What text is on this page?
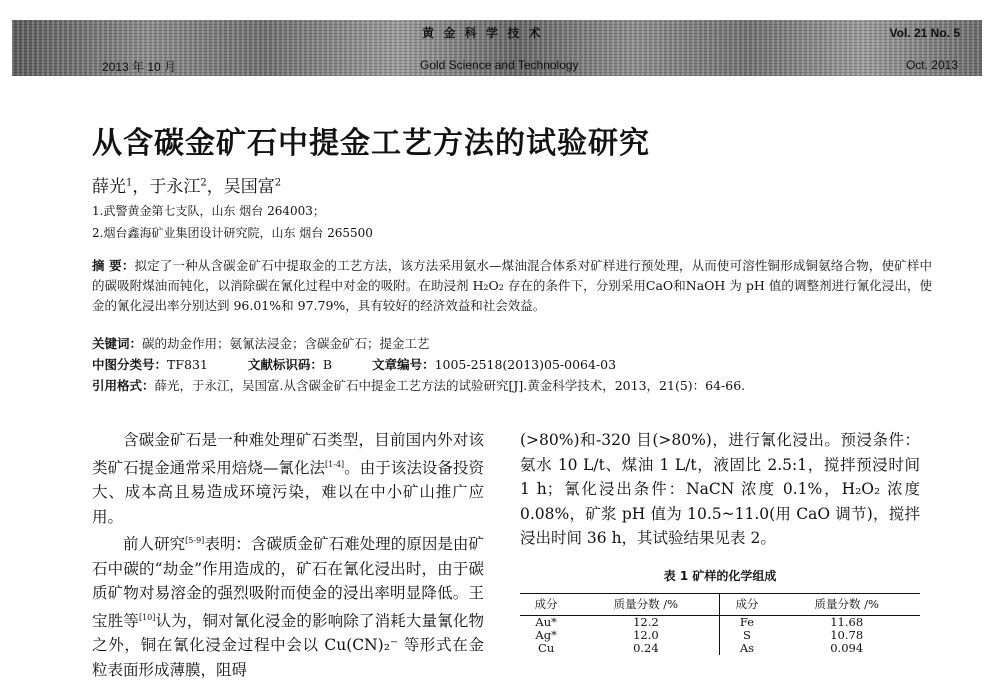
黄 金 科 学 技 术	Vol. 21 No. 5
2013 年 10 月	Gold Science and Technology	Oct. 2013
从含碳金矿石中提金工艺方法的试验研究
薛光$^1$，于永江$^2$，吴国富$^2$
1.武警黄金第七支队，山东 烟台 264003；
2.烟台鑫海矿业集团设计研究院，山东 烟台 265500
摘 要：拟定了一种从含碳金矿石中提取金的工艺方法，该方法采用氨水—煤油混合体系对矿样进行预处理，从而使可溶性铜形成铜氨络合物，使矿样中的碳吸附煤油而钝化，以消除碳在氰化过程中对金的吸附。在助浸剂 H₂O₂ 存在的条件下，分别采用CaO和NaOH 为 pH 值的调整剂进行氰化浸出，使金的氰化浸出率分别达到 96.01%和 97.79%，具有较好的经济效益和社会效益。
关键词：碳的劫金作用；氨氰法浸金；含碳金矿石；提金工艺
中图分类号：TF831	文献标识码：B	文章编号：1005-2518(2013)05-0064-03
引用格式：薛光，于永江，吴国富.从含碳金矿石中提金工艺方法的试验研究[J].黄金科学技术，2013，21(5)：64-66.

含碳金矿石是一种难处理矿石类型，目前国内外对该类矿石提金通常采用焙烧—氰化法[1-4]。由于该法设备投资大、成本高且易造成环境污染，难以在中小矿山推广应用。

前人研究[5-9]表明：含碳质金矿石难处理的原因是由矿石中碳的“劫金”作用造成的，矿石在氰化浸出时，由于碳质矿物对易溶金的强烈吸附而使金的浸出率明显降低。王宝胜等[10]认为，铜对氰化浸金的影响除了消耗大量氰化物之外，铜在氰化浸金过程中会以 Cu(CN)₂⁻ 等形式在金粒表面形成薄膜，阻碍

(>80%)和-320 目(>80%)，进行氰化浸出。预浸条件：氨水 10 L/t、煤油 1 L/t，液固比 2.5:1，搅拌预浸时间 1 h；氰化浸出条件：NaCN 浓度 0.1%，H₂O₂ 浓度 0.08%，矿浆 pH 值为 10.5~11.0(用 CaO 调节)，搅拌浸出时间 36 h，其试验结果见表 2。

表 1 矿样的化学组成
成分	质量分数 /%	成分	质量分数 /%
Au*	12.2	Fe	11.68
Ag*	12.0	S	10.78
Cu	0.24	As	0.094
